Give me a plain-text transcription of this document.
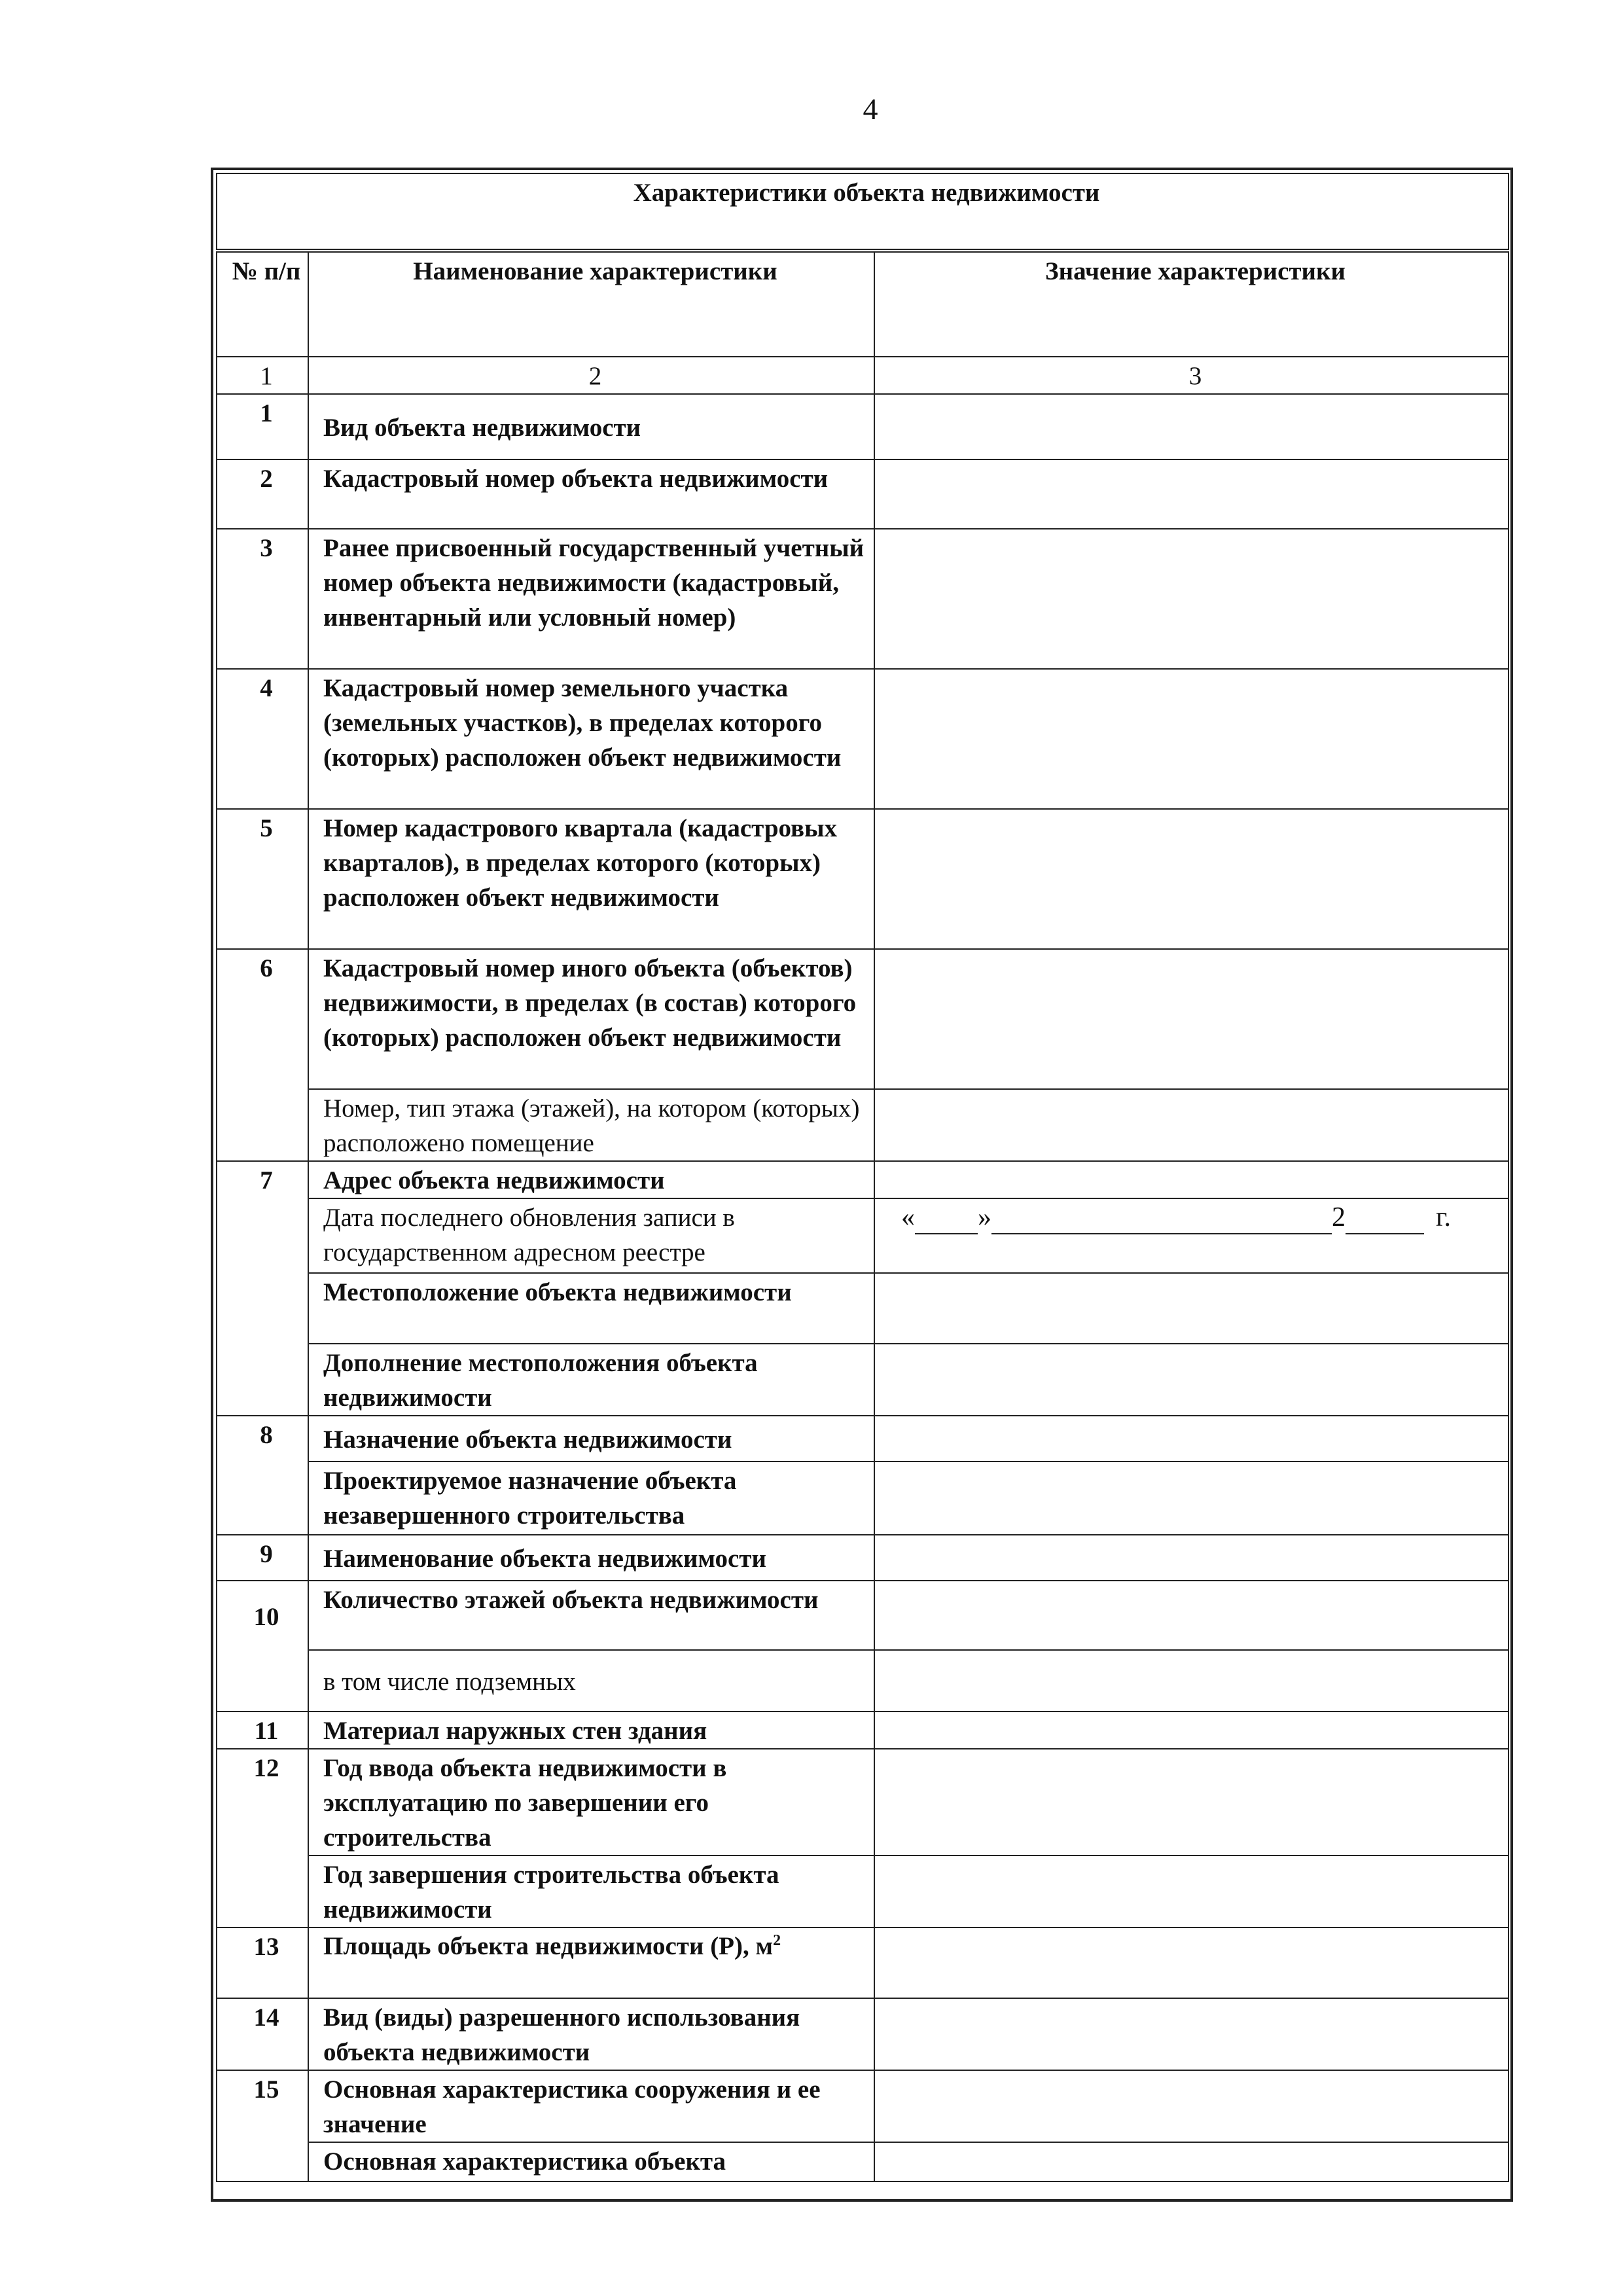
4
Характеристики объекта недвижимости		
№ п/п	Наименование характеристики	Значение характеристики
1	2	3
1	Вид объекта недвижимости	
2	Кадастровый номер объекта недвижимости	
3	Ранее присвоенный государственный учетный номер объекта недвижимости (кадастровый, инвентарный или условный номер)	
4	Кадастровый номер земельного участка (земельных участков), в пределах которого (которых) расположен объект недвижимости	
5	Номер кадастрового квартала (кадастровых кварталов), в пределах которого (которых) расположен объект недвижимости	
6	Кадастровый номер иного объекта (объектов) недвижимости, в пределах (в состав) которого (которых) расположен объект недвижимости	
	Номер, тип этажа (этажей), на котором (которых) расположено помещение	
7	Адрес объекта недвижимости	
	Дата последнего обновления записи в государственном адресном реестре	« » 2 г.

	Местоположение объекта недвижимости	
	Дополнение местоположения объекта недвижимости	
8	Назначение объекта недвижимости	
	Проектируемое назначение объекта незавершенного строительства	
9	Наименование объекта недвижимости	
10	Количество этажей объекта недвижимости	
	в том числе подземных	
11	Материал наружных стен здания	
12	Год ввода объекта недвижимости в эксплуатацию по завершении его строительства	
	Год завершения строительства объекта недвижимости	
13	Площадь объекта недвижимости (Р), $м^2$	
14	Вид (виды) разрешенного использования объекта недвижимости	
15	Основная характеристика сооружения и ее значение	
	Основная характеристика объекта	
